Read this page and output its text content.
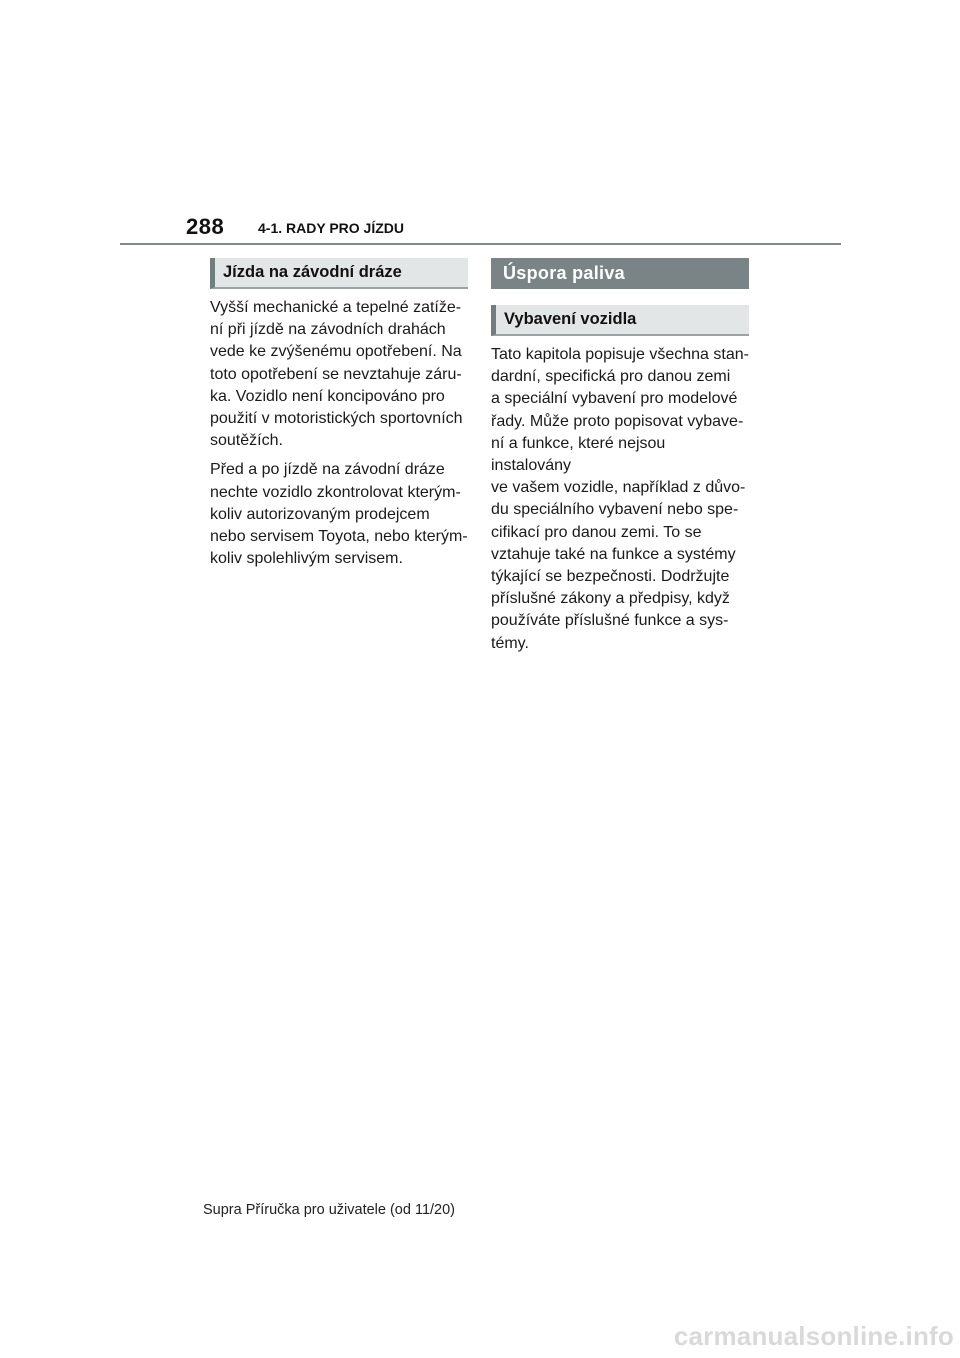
288 4-1. RADY PRO JÍZDU
Jízda na závodní dráze

Vyšší mechanické a tepelné zatíže-
ní při jízdě na závodních drahách
vede ke zvýšenému opotřebení. Na
toto opotřebení se nevztahuje záru-
ka. Vozidlo není koncipováno pro
použití v motoristických sportovních
soutěžích.

Před a po jízdě na závodní dráze
nechte vozidlo zkontrolovat kterým-
koliv autorizovaným prodejcem
nebo servisem Toyota, nebo kterým-
koliv spolehlivým servisem.

Úspora paliva
Vybavení vozidla

Tato kapitola popisuje všechna stan-
dardní, specifická pro danou zemi
a speciální vybavení pro modelové
řady. Může proto popisovat vybave-
ní a funkce, které nejsou instalovány
ve vašem vozidle, například z důvo-
du speciálního vybavení nebo spe-
cifikací pro danou zemi. To se
vztahuje také na funkce a systémy
týkající se bezpečnosti. Dodržujte
příslušné zákony a předpisy, když
používáte příslušné funkce a sys-
témy.

Supra Příručka pro uživatele (od 11/20)
carmanualsonline.info
